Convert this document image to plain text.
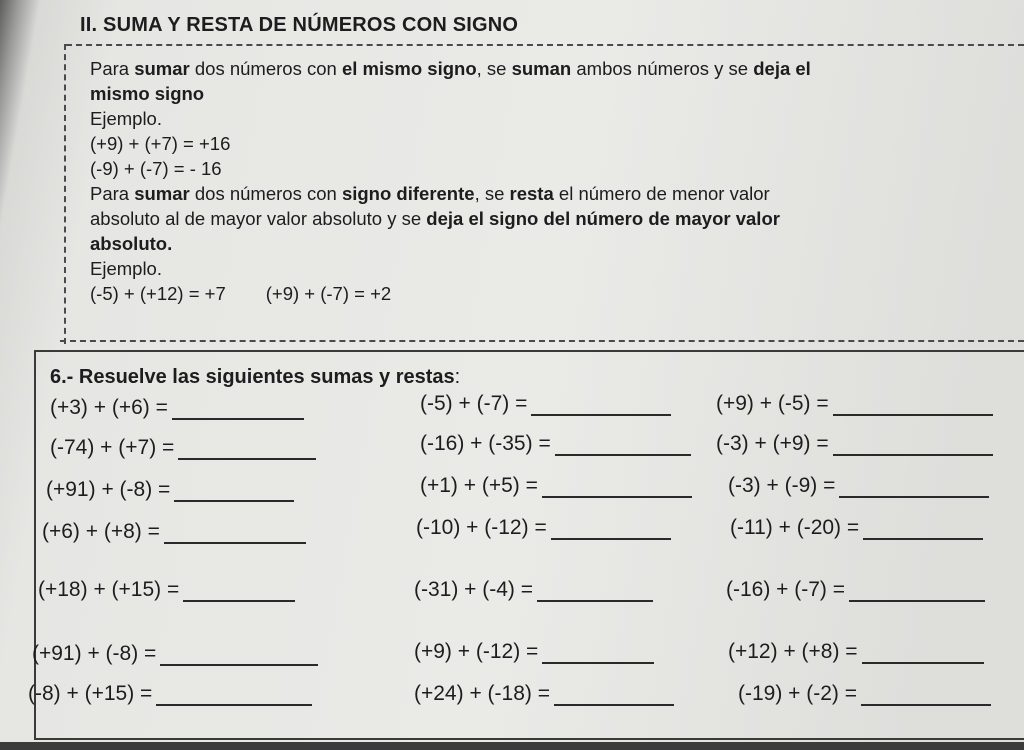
II. SUMA Y RESTA DE NÚMEROS CON SIGNO

Para sumar dos números con el mismo signo, se suman ambos números y se deja el

mismo signo

Ejemplo.

(+9) + (+7) = +16

(-9) + (-7) = - 16

Para sumar dos números con signo diferente, se resta el número de menor valor

absoluto al de mayor valor absoluto y se deja el signo del número de mayor valor

absoluto.

Ejemplo.

(-5) + (+12) = +7 (+9) + (-7) = +2

6.- Resuelve las siguientes sumas y restas:
(+3) + (+6) =	(-5) + (-7) =	(+9) + (-5) =
(-74) + (+7) =	(-16) + (-35) =	(-3) + (+9) =
(+91) + (-8) =	(+1) + (+5) =	(-3) + (-9) =
(+6) + (+8) =	(-10) + (-12) =	(-11) + (-20) =
(+18) + (+15) =	(-31) + (-4) =	(-16) + (-7) =
(+91) + (-8) =	(+9) + (-12) =	(+12) + (+8) =
(-8) + (+15) =	(+24) + (-18) =	(-19) + (-2) =
